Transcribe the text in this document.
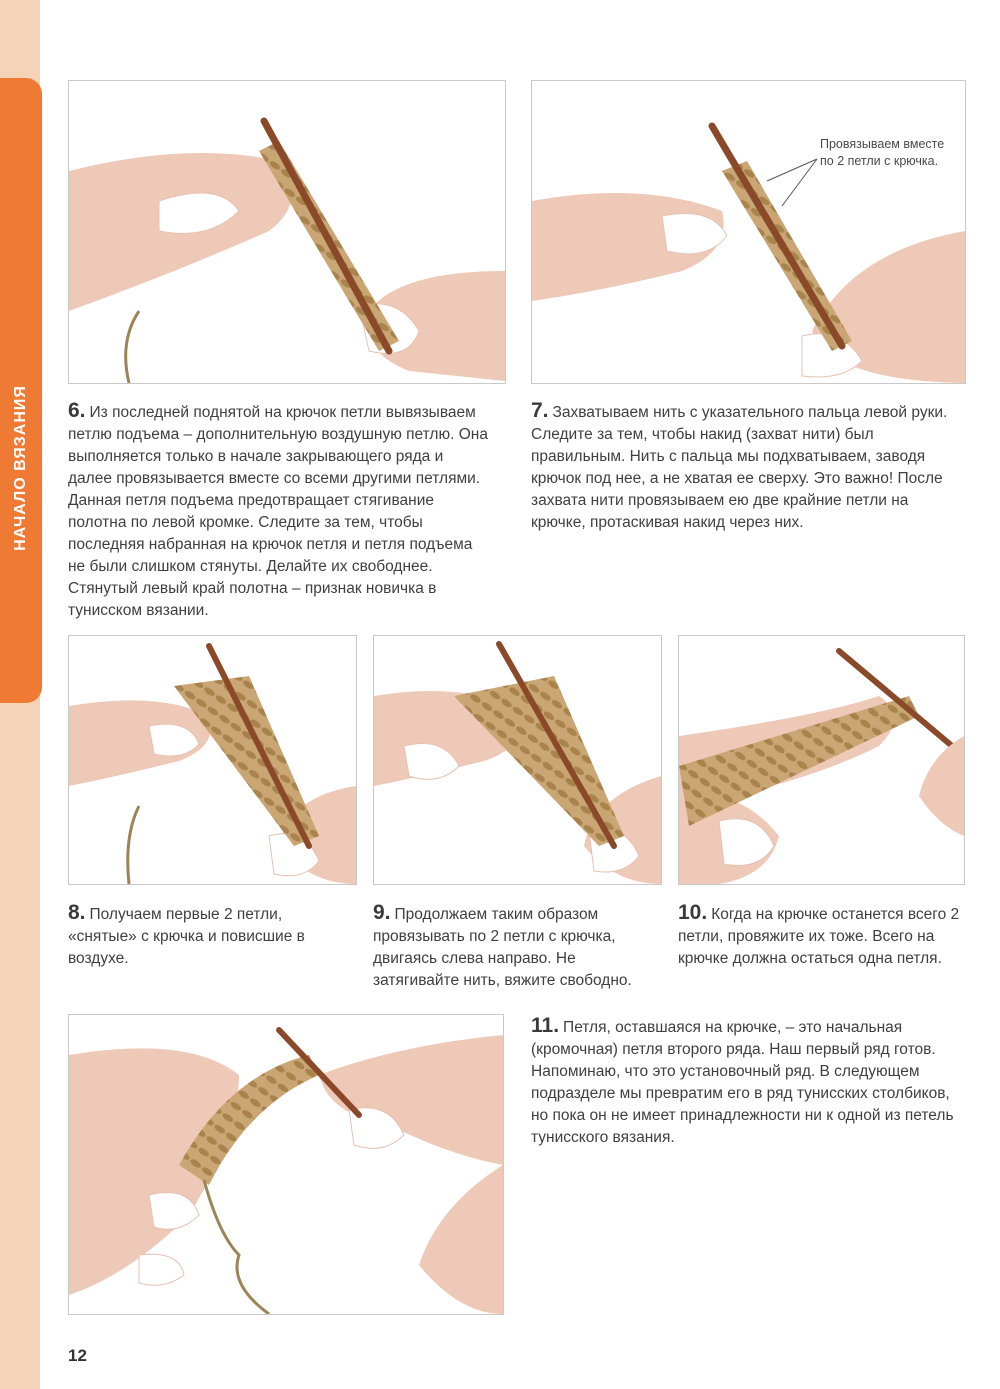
НАЧАЛО ВЯЗАНИЯ
Провязываем вместе по 2 петли с крючка.
6. Из последней поднятой на крючок петли вывязываем петлю подъема – дополнительную воздушную петлю. Она выполняется только в начале закрывающего ряда и далее провязывается вместе со всеми другими петлями. Данная петля подъема предотвращает стягивание полотна по левой кромке. Следите за тем, чтобы последняя набранная на крючок петля и петля подъема не были слишком стянуты. Делайте их свободнее. Стянутый левый край полотна – признак новичка в тунисском вязании.
7. Захватываем нить с указательного пальца левой руки. Следите за тем, чтобы накид (захват нити) был правильным. Нить с пальца мы подхватываем, заводя крючок под нее, а не хватая ее сверху. Это важно! После захвата нити провязываем ею две крайние петли на крючке, протаскивая накид через них.
8. Получаем первые 2 петли, «снятые» с крючка и повисшие в воздухе.
9. Продолжаем таким образом провязывать по 2 петли с крючка, двигаясь слева направо. Не затягивайте нить, вяжите свободно.
10. Когда на крючке останется всего 2 петли, провяжите их тоже. Всего на крючке должна остаться одна петля.
11. Петля, оставшаяся на крючке, – это начальная (кромочная) петля второго ряда. Наш первый ряд готов. Напоминаю, что это установочный ряд. В следующем подразделе мы превратим его в ряд тунисских столбиков, но пока он не имеет принадлежности ни к одной из петель тунисского вязания.
12
